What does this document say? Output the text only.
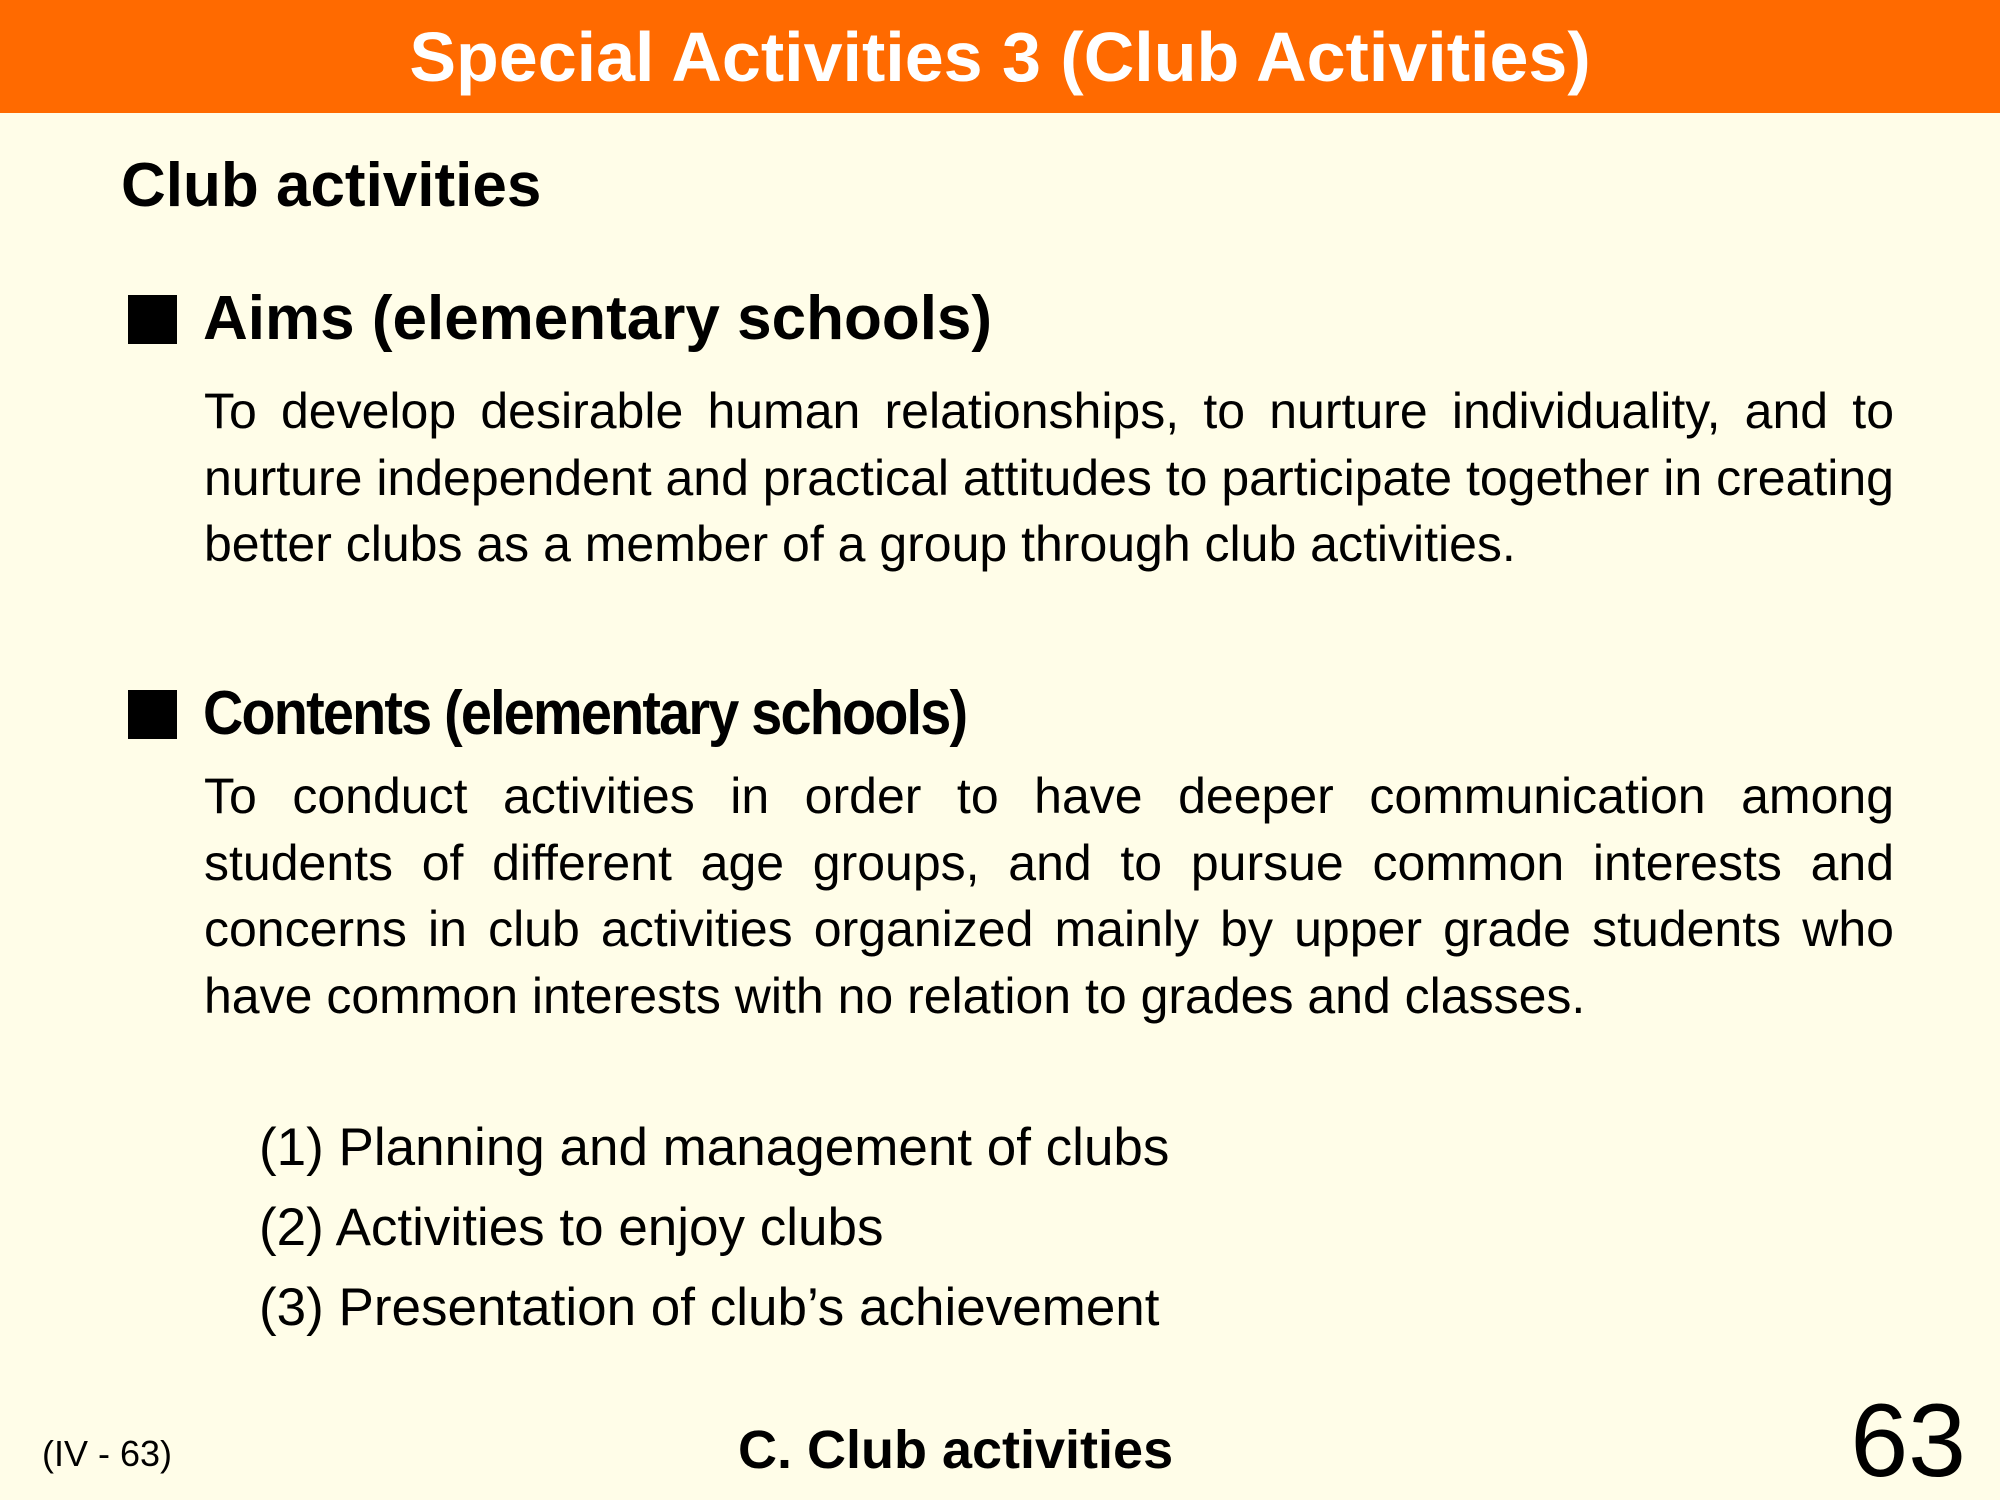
Special Activities 3 (Club Activities)
Club activities
Aims (elementary schools)
To develop desirable human relationships, to nurture individuality, and to nurture independent and practical attitudes to participate together in creating better clubs as a member of a group through club activities.
Contents (elementary schools)
To conduct activities in order to have deeper communication among students of different age groups, and to pursue common interests and concerns in club activities organized mainly by upper grade students who have common interests with no relation to grades and classes.
(1) Planning and management of clubs
(2) Activities to enjoy clubs
(3) Presentation of club’s achievement
(IV - 63)	C. Club activities	63
